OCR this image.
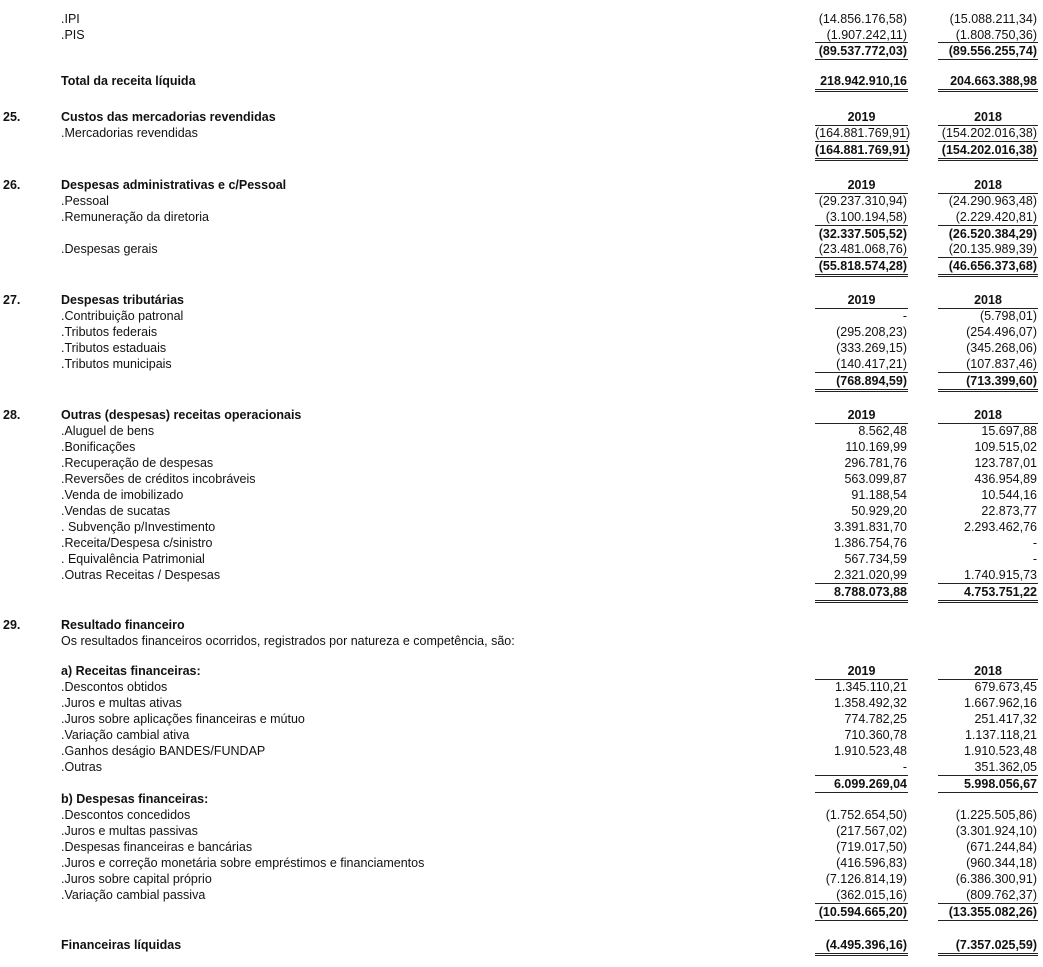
.IPI	(14.856.176,58)	(15.088.211,34)
.PIS	(1.907.242,11)	(1.808.750,36)
(89.537.772,03)	(89.556.255,74)
Total da receita líquida	218.942.910,16	204.663.388,98
25.	Custos das mercadorias revendidas	2019	2018
.Mercadorias revendidas	(164.881.769,91)	(154.202.016,38)
(164.881.769,91)	(154.202.016,38)
26.	Despesas administrativas e c/Pessoal	2019	2018
.Pessoal	(29.237.310,94)	(24.290.963,48)
.Remuneração da diretoria	(3.100.194,58)	(2.229.420,81)
(32.337.505,52)	(26.520.384,29)
.Despesas gerais	(23.481.068,76)	(20.135.989,39)
(55.818.574,28)	(46.656.373,68)
27.	Despesas tributárias	2019	2018
.Contribuição patronal	-	(5.798,01)
.Tributos federais	(295.208,23)	(254.496,07)
.Tributos estaduais	(333.269,15)	(345.268,06)
.Tributos municipais	(140.417,21)	(107.837,46)
(768.894,59)	(713.399,60)
28.	Outras (despesas) receitas operacionais	2019	2018
.Aluguel de bens	8.562,48	15.697,88
.Bonificações	110.169,99	109.515,02
.Recuperação de despesas	296.781,76	123.787,01
.Reversões de créditos incobráveis	563.099,87	436.954,89
.Venda de imobilizado	91.188,54	10.544,16
.Vendas de sucatas	50.929,20	22.873,77
. Subvenção p/Investimento	3.391.831,70	2.293.462,76
.Receita/Despesa c/sinistro	1.386.754,76	-
. Equivalência Patrimonial	567.734,59	-
.Outras Receitas / Despesas	2.321.020,99	1.740.915,73
8.788.073,88	4.753.751,22
29.	Resultado financeiro
Os resultados financeiros ocorridos, registrados por natureza e competência, são:
a) Receitas financeiras:	2019	2018
.Descontos obtidos	1.345.110,21	679.673,45
.Juros e multas ativas	1.358.492,32	1.667.962,16
.Juros sobre aplicações financeiras e mútuo	774.782,25	251.417,32
.Variação cambial ativa	710.360,78	1.137.118,21
.Ganhos deságio BANDES/FUNDAP	1.910.523,48	1.910.523,48
.Outras	-	351.362,05
6.099.269,04	5.998.056,67
b) Despesas financeiras:
.Descontos concedidos	(1.752.654,50)	(1.225.505,86)
.Juros e multas passivas	(217.567,02)	(3.301.924,10)
.Despesas financeiras e bancárias	(719.017,50)	(671.244,84)
.Juros e correção monetária sobre empréstimos e financiamentos	(416.596,83)	(960.344,18)
.Juros sobre capital próprio	(7.126.814,19)	(6.386.300,91)
.Variação cambial passiva	(362.015,16)	(809.762,37)
(10.594.665,20)	(13.355.082,26)
Financeiras líquidas	(4.495.396,16)	(7.357.025,59)
